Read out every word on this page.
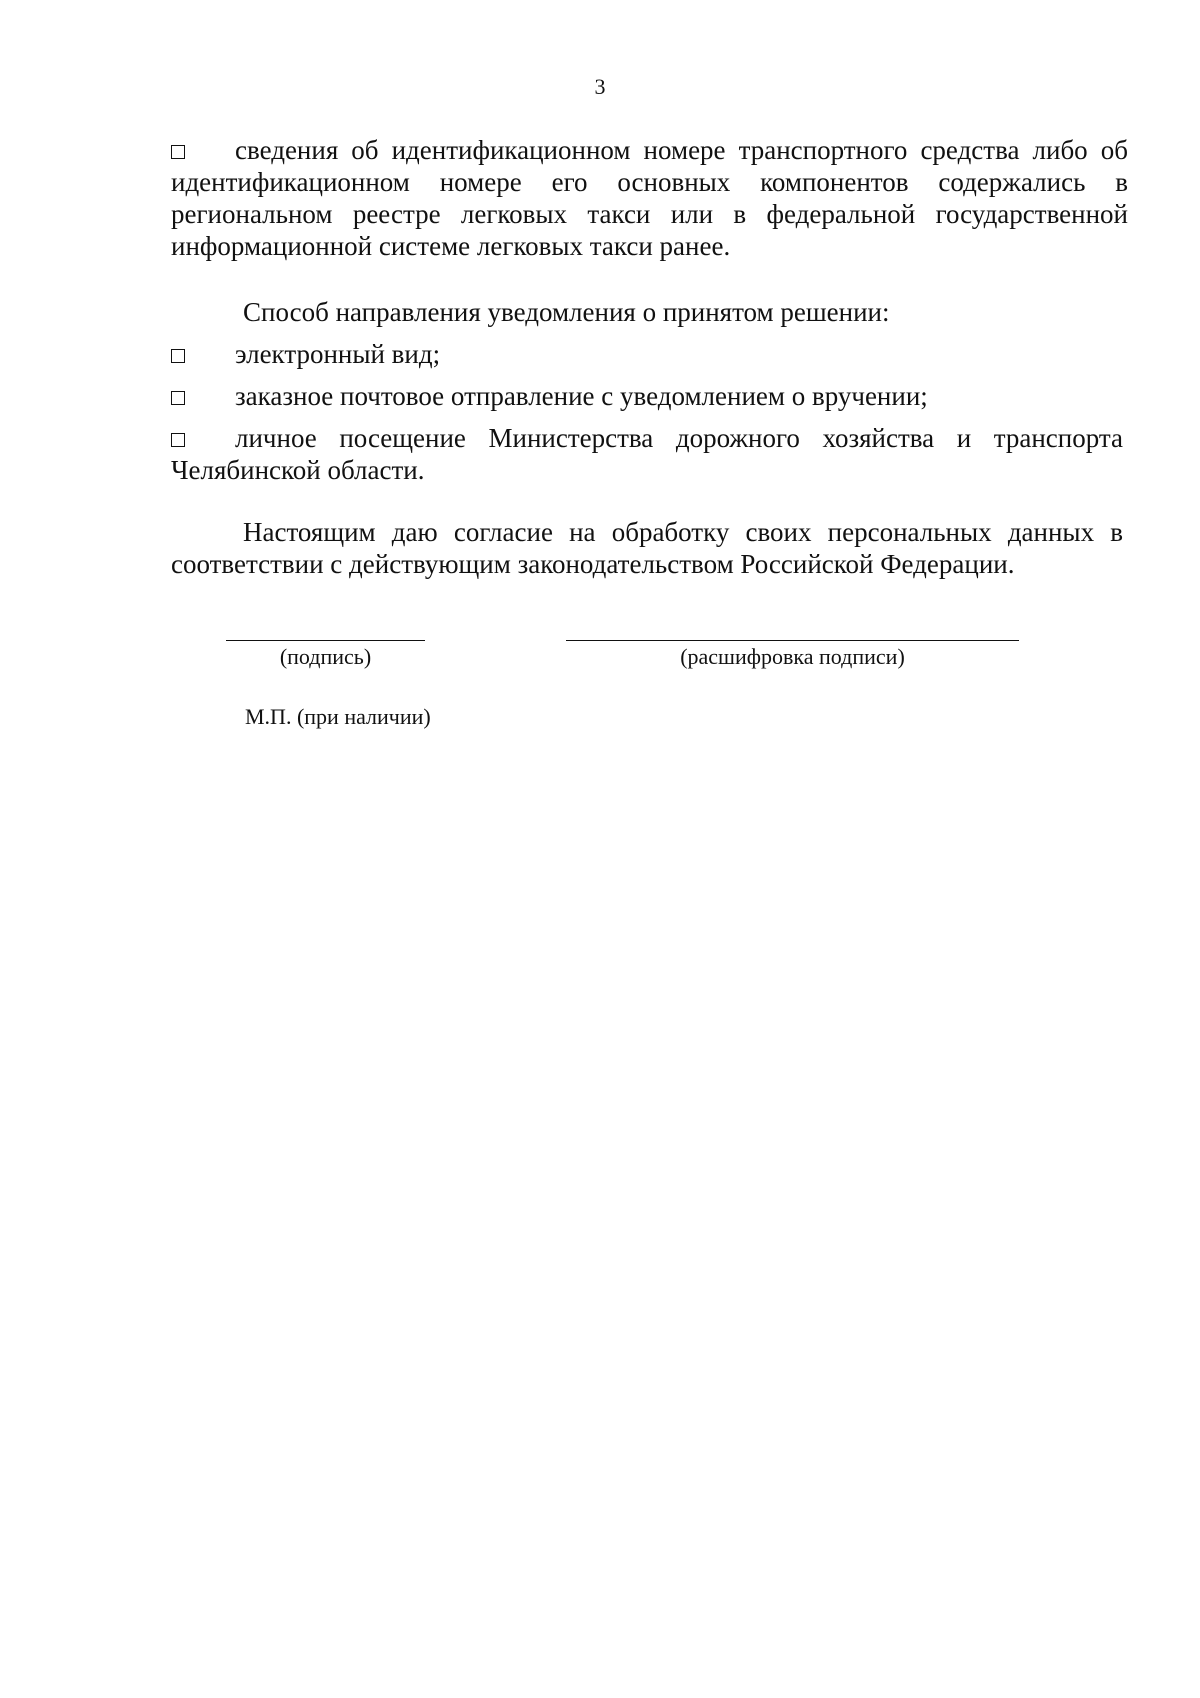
3
сведения об идентификационном номере транспортного средства либо об идентификационном номере его основных компонентов содержались в региональном реестре легковых такси или в федеральной государственной информационной системе легковых такси ранее.
Способ направления уведомления о принятом решении:
электронный вид;
заказное почтовое отправление с уведомлением о вручении;
личное посещение Министерства дорожного хозяйства и транспорта Челябинской области.
Настоящим даю согласие на обработку своих персональных данных в соответствии с действующим законодательством Российской Федерации.
(подпись)	(расшифровка подписи)
М.П. (при наличии)
